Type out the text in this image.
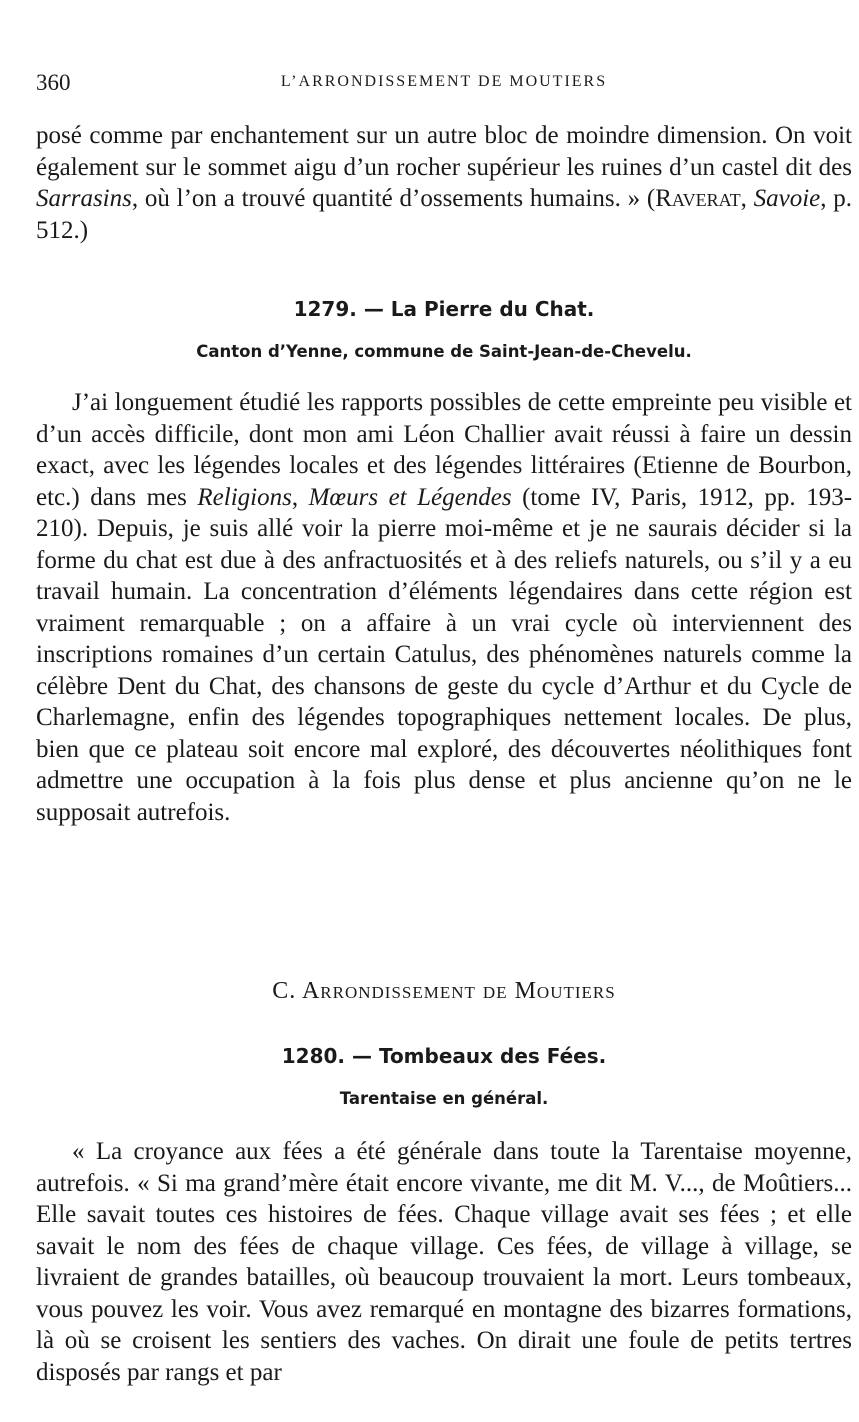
360	L’ARRONDISSEMENT DE MOUTIERS

posé comme par enchantement sur un autre bloc de moindre dimension. On voit également sur le sommet aigu d’un rocher supérieur les ruines d’un castel dit des Sarrasins, où l’on a trouvé quantité d’ossements humains. » (Raverat, Savoie, p. 512.)

1279. — La Pierre du Chat.
Canton d’Yenne, commune de Saint-Jean-de-Chevelu.

J’ai longuement étudié les rapports possibles de cette empreinte peu visible et d’un accès difficile, dont mon ami Léon Challier avait réussi à faire un dessin exact, avec les légendes locales et des légendes littéraires (Etienne de Bourbon, etc.) dans mes Religions, Mœurs et Légendes (tome IV, Paris, 1912, pp. 193-210). Depuis, je suis allé voir la pierre moi-même et je ne saurais décider si la forme du chat est due à des anfractuosités et à des reliefs naturels, ou s’il y a eu travail humain. La concentration d’éléments légendaires dans cette région est vraiment remarquable ; on a affaire à un vrai cycle où interviennent des inscriptions romaines d’un certain Catulus, des phénomènes naturels comme la célèbre Dent du Chat, des chansons de geste du cycle d’Arthur et du Cycle de Charlemagne, enfin des légendes topographiques nettement locales. De plus, bien que ce plateau soit encore mal exploré, des découvertes néolithiques font admettre une occupation à la fois plus dense et plus ancienne qu’on ne le supposait autrefois.

C. Arrondissement de Moutiers
1280. — Tombeaux des Fées.
Tarentaise en général.

« La croyance aux fées a été générale dans toute la Tarentaise moyenne, autrefois. « Si ma grand’mère était encore vivante, me dit M. V..., de Moûtiers... Elle savait toutes ces histoires de fées. Chaque village avait ses fées ; et elle savait le nom des fées de chaque village. Ces fées, de village à village, se livraient de grandes batailles, où beaucoup trouvaient la mort. Leurs tombeaux, vous pouvez les voir. Vous avez remarqué en montagne des bizarres formations, là où se croisent les sentiers des vaches. On dirait une foule de petits tertres disposés par rangs et par
